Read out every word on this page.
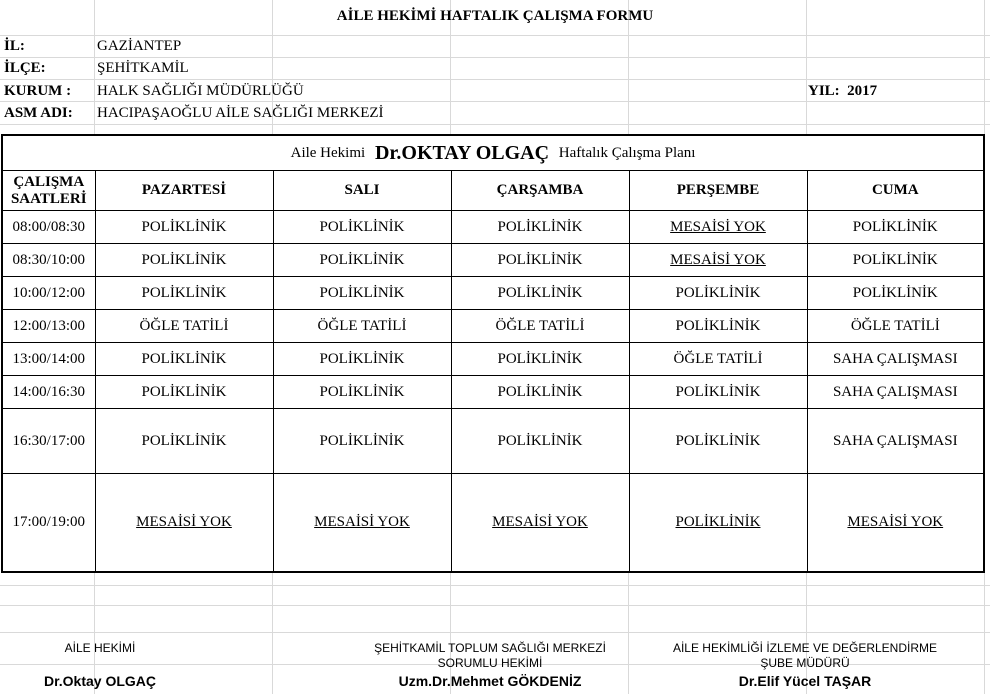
AİLE HEKİMİ HAFTALIK ÇALIŞMA FORMU
İL:	GAZİANTEP
İLÇE:	ŞEHİTKAMİL
KURUM : HALK SAĞLIĞI MÜDÜRLÜĞÜ	YIL: 2017
ASM ADI: HACIPAŞAOĞLU AİLE SAĞLIĞI MERKEZİ
Aile Hekimi Dr.OKTAY OLGAÇ Haftalık Çalışma Planı					

ÇALIŞMA
SAATLERİ	PAZARTESİ	SALI	ÇARŞAMBA	PERŞEMBE	CUMA
08:00/08:30	POLİKLİNİK	POLİKLİNİK	POLİKLİNİK	MESAİSİ YOK	POLİKLİNİK
08:30/10:00	POLİKLİNİK	POLİKLİNİK	POLİKLİNİK	MESAİSİ YOK	POLİKLİNİK
10:00/12:00	POLİKLİNİK	POLİKLİNİK	POLİKLİNİK	POLİKLİNİK	POLİKLİNİK
12:00/13:00	ÖĞLE TATİLİ	ÖĞLE TATİLİ	ÖĞLE TATİLİ	POLİKLİNİK	ÖĞLE TATİLİ
13:00/14:00	POLİKLİNİK	POLİKLİNİK	POLİKLİNİK	ÖĞLE TATİLİ	SAHA ÇALIŞMASI
14:00/16:30	POLİKLİNİK	POLİKLİNİK	POLİKLİNİK	POLİKLİNİK	SAHA ÇALIŞMASI
16:30/17:00	POLİKLİNİK	POLİKLİNİK	POLİKLİNİK	POLİKLİNİK	SAHA ÇALIŞMASI
17:00/19:00	MESAİSİ YOK	MESAİSİ YOK	MESAİSİ YOK	POLİKLİNİK	MESAİSİ YOK
AİLE HEKİMİ	ŞEHİTKAMİL TOPLUM SAĞLIĞI MERKEZİ
SORUMLU HEKİMİ
AİLE HEKİMLİĞİ İZLEME VE DEĞERLENDİRME
ŞUBE MÜDÜRÜ
Dr.Oktay OLGAÇ	Uzm.Dr.Mehmet GÖKDENİZ	Dr.Elif Yücel TAŞAR
